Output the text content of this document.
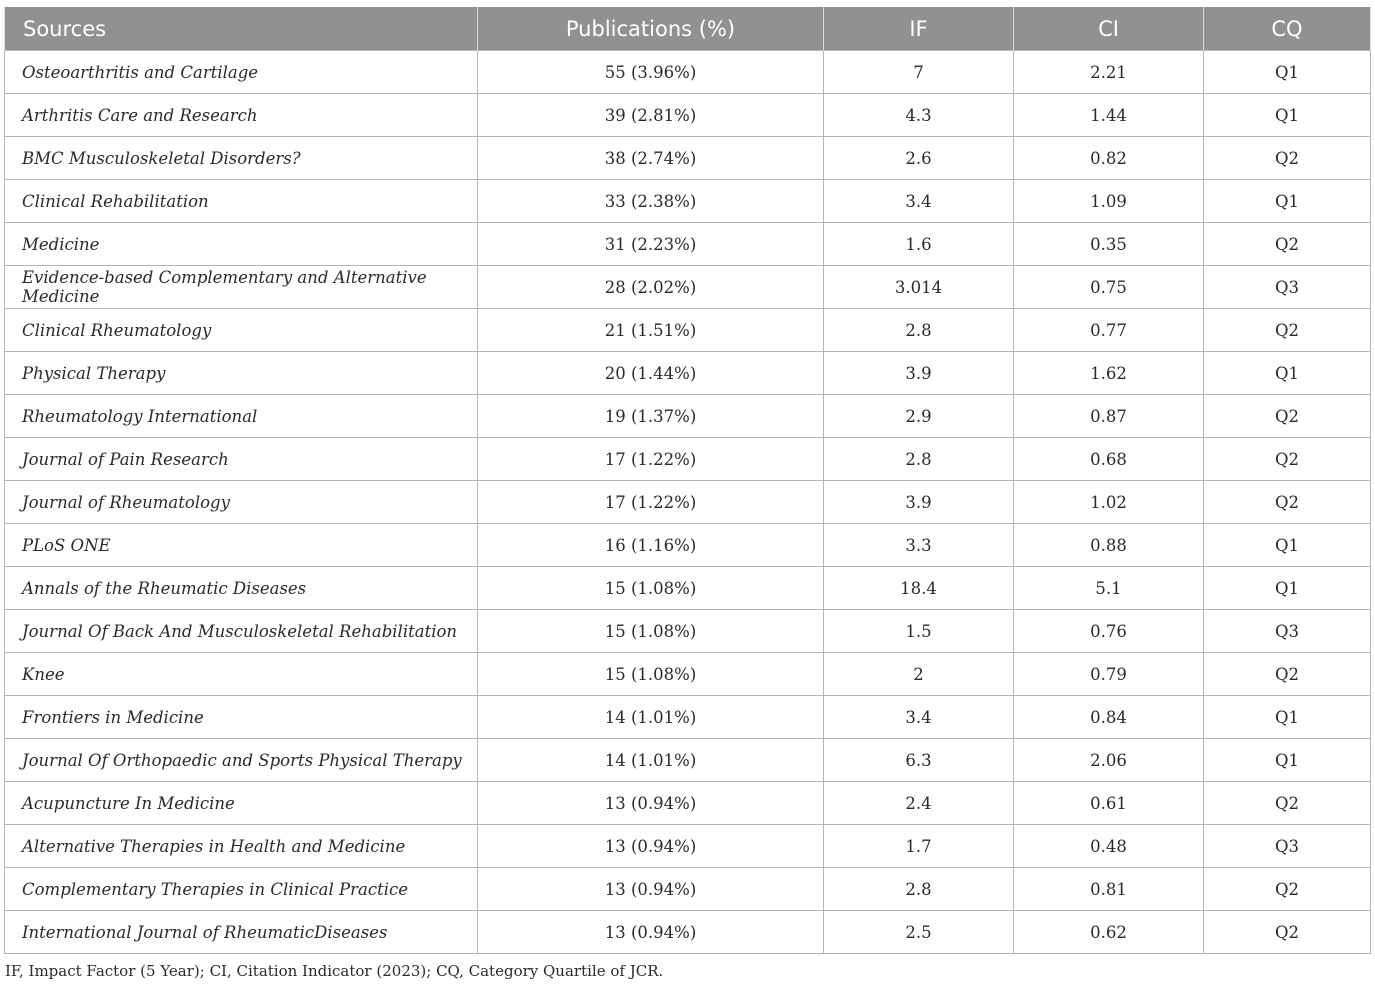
Sources	Publications (%)	IF	CI	CQ
Osteoarthritis and Cartilage	55 (3.96%)	7	2.21	Q1
Arthritis Care and Research	39 (2.81%)	4.3	1.44	Q1
BMC Musculoskeletal Disorders?	38 (2.74%)	2.6	0.82	Q2
Clinical Rehabilitation	33 (2.38%)	3.4	1.09	Q1
Medicine	31 (2.23%)	1.6	0.35	Q2
Evidence-based Complementary and Alternative Medicine	28 (2.02%)	3.014	0.75	Q3
Clinical Rheumatology	21 (1.51%)	2.8	0.77	Q2
Physical Therapy	20 (1.44%)	3.9	1.62	Q1
Rheumatology International	19 (1.37%)	2.9	0.87	Q2
Journal of Pain Research	17 (1.22%)	2.8	0.68	Q2
Journal of Rheumatology	17 (1.22%)	3.9	1.02	Q2
PLoS ONE	16 (1.16%)	3.3	0.88	Q1
Annals of the Rheumatic Diseases	15 (1.08%)	18.4	5.1	Q1
Journal Of Back And Musculoskeletal Rehabilitation	15 (1.08%)	1.5	0.76	Q3
Knee	15 (1.08%)	2	0.79	Q2
Frontiers in Medicine	14 (1.01%)	3.4	0.84	Q1
Journal Of Orthopaedic and Sports Physical Therapy	14 (1.01%)	6.3	2.06	Q1
Acupuncture In Medicine	13 (0.94%)	2.4	0.61	Q2
Alternative Therapies in Health and Medicine	13 (0.94%)	1.7	0.48	Q3
Complementary Therapies in Clinical Practice	13 (0.94%)	2.8	0.81	Q2
International Journal of RheumaticDiseases	13 (0.94%)	2.5	0.62	Q2
IF, Impact Factor (5 Year); CI, Citation Indicator (2023); CQ, Category Quartile of JCR.
